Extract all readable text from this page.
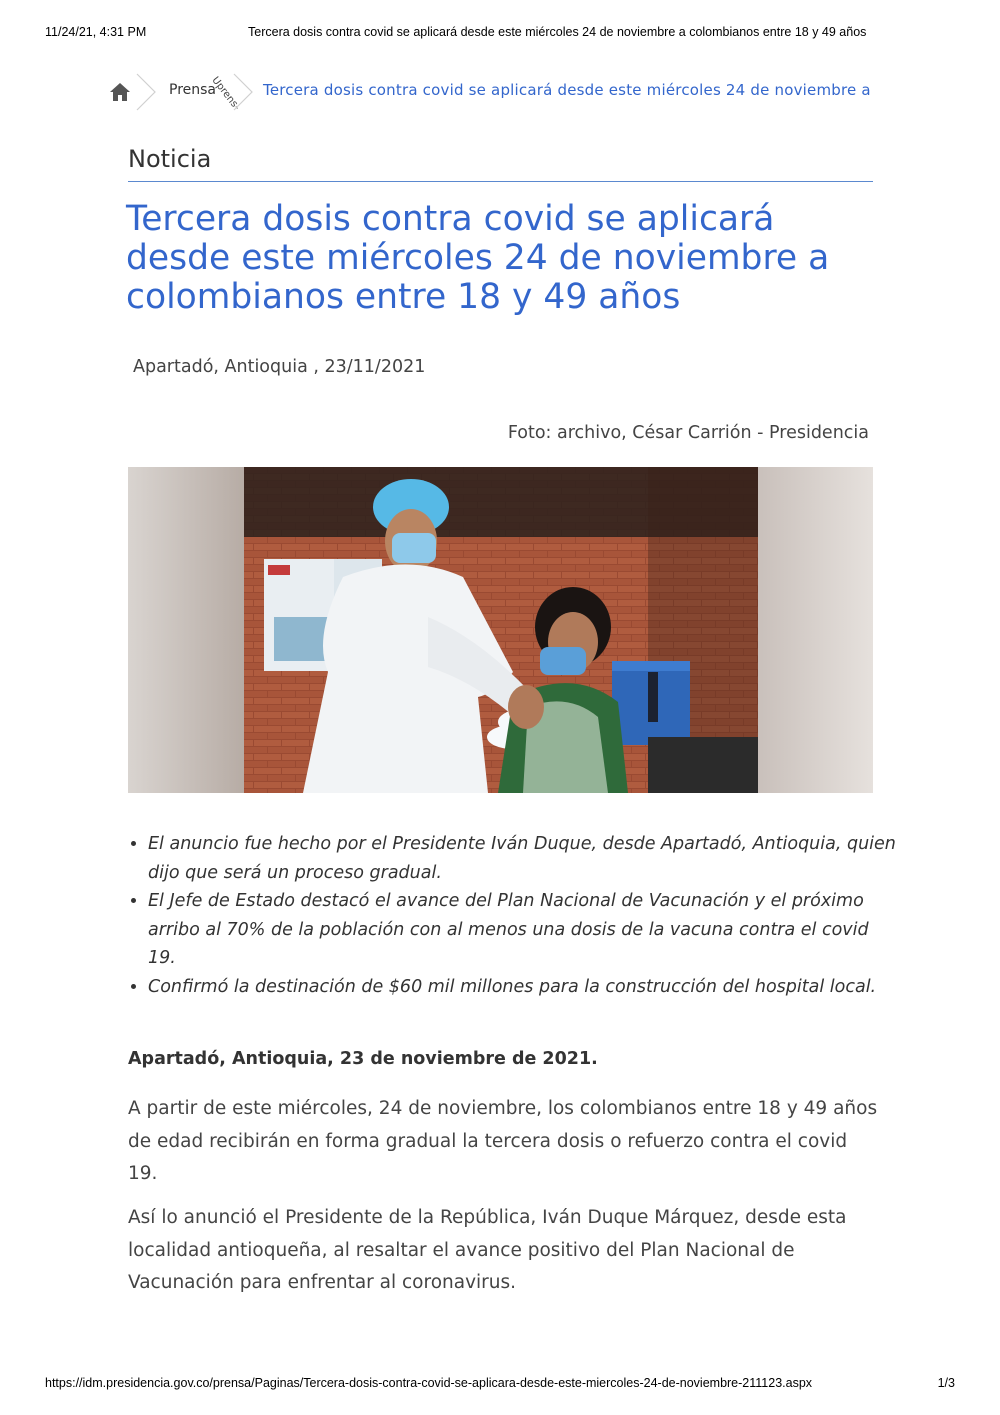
11/24/21, 4:31 PM	Tercera dosis contra covid se aplicará desde este miércoles 24 de noviembre a colombianos entre 18 y 49 años
Prensa
Uprens- Tercera dosis contra covid se aplicará desde este miércoles 24 de noviembre a
Noticia
Tercera dosis contra covid se aplicará desde este miércoles 24 de noviembre a colombianos entre 18 y 49 años
Apartadó, Antioquia , 23/11/2021
Foto: archivo, César Carrión - Presidencia
• El anuncio fue hecho por el Presidente Iván Duque, desde Apartadó, Antioquia, quien dijo que será un proceso gradual.
• El Jefe de Estado destacó el avance del Plan Nacional de Vacunación y el próximo arribo al 70% de la población con al menos una dosis de la vacuna contra el covid 19.
• Confirmó la destinación de $60 mil millones para la construcción del hospital local.
Apartadó, Antioquia, 23 de noviembre de 2021.

A partir de este miércoles, 24 de noviembre, los colombianos entre 18 y 49 años de edad recibirán en forma gradual la tercera dosis o refuerzo contra el covid 19.

Así lo anunció el Presidente de la República, Iván Duque Márquez, desde esta localidad antioqueña, al resaltar el avance positivo del Plan Nacional de Vacunación para enfrentar al coronavirus.

https://idm.presidencia.gov.co/prensa/Paginas/Tercera-dosis-contra-covid-se-aplicara-desde-este-miercoles-24-de-noviembre-211123.aspx	1/3
